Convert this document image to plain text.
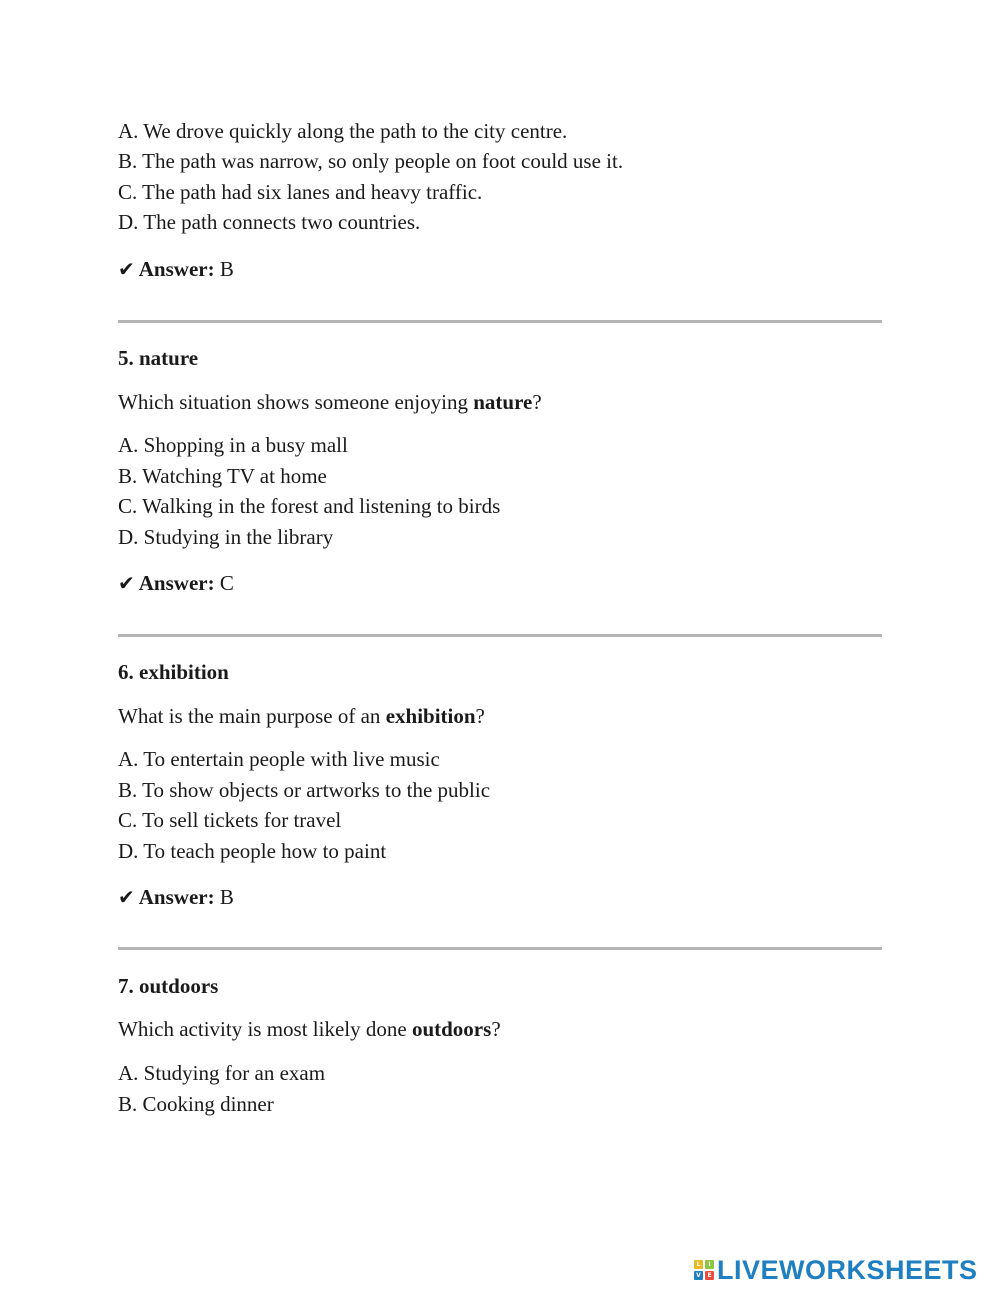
A. We drove quickly along the path to the city centre.
B. The path was narrow, so only people on foot could use it.
C. The path had six lanes and heavy traffic.
D. The path connects two countries.
✔ Answer: B
5. nature
Which situation shows someone enjoying nature?
A. Shopping in a busy mall
B. Watching TV at home
C. Walking in the forest and listening to birds
D. Studying in the library
✔ Answer: C
6. exhibition
What is the main purpose of an exhibition?
A. To entertain people with live music
B. To show objects or artworks to the public
C. To sell tickets for travel
D. To teach people how to paint
✔ Answer: B
7. outdoors
Which activity is most likely done outdoors?
A. Studying for an exam
B. Cooking dinner
L	I
V	E LIVEWORKSHEETS
